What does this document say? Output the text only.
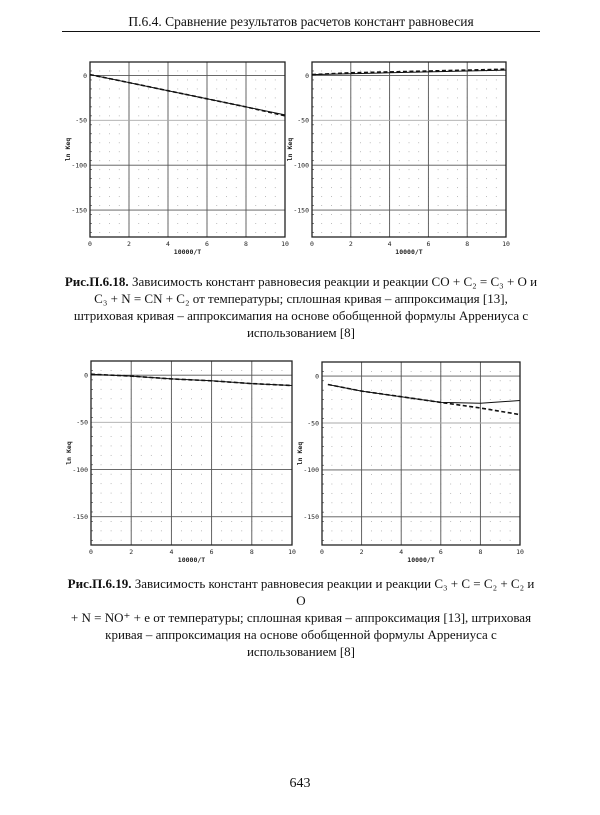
П.6.4. Сравнение результатов расчетов констант равновесия
0	2	4	6	8	10
0
-50
-100
-150
10000/T
ln Keq
0	2	4	6	8	10
0
-50
-100
-150
10000/T
ln Keq
0	2	4	6	8	10
0
-50
-100
-150
10000/T
ln Keq
0	2	4	6	8	10
0
-50
-100
-150
10000/T
ln Keq
Рис.П.6.18. Зависимость констант равновесия реакции и реакции CO + C₂ = C₃ + O и
C₃ + N = CN + C₂ от температуры; сплошная кривая – аппроксимация [13],
штриховая кривая – аппроксимапия на основе обобщенной формулы Аррениуса с
использованием [8]
Рис.П.6.19. Зависимость констант равновесия реакции и реакции C₃ + C = C₂ + C₂ и O
+ N = NO⁺ + e от температуры; сплошная кривая – аппроксимация [13], штриховая
кривая – аппроксимация на основе обобщенной формулы Аррениуса с
использованием [8]
643
